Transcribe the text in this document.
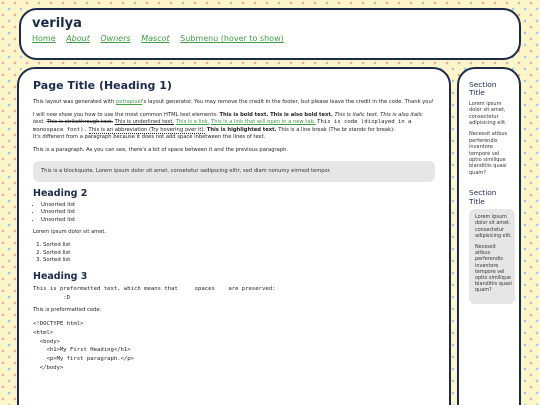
verilya
Home About Owners Mascot Submenu (hover to show)
Page Title (Heading 1)

This layout was generated with petrapixel's layout generator. You may remove the credit in the footer, but please leave the credit in the code. Thank you!

I will now show you how to use the most common HTML text elements: This is bold text. This is also bold text. This is italic text. This is also italic text. This is strikethrough text. This is underlined text. This is a link. This is a link that will open in a new tab. This is code (displayed in a monospace font). This is an abbreviation (Try hovering over it). This is highlighted text. This is a line break (The br stands for break):
It's different from a paragraph because it does not add space inbetween the lines of text.

This is a paragraph. As you can see, there's a bit of space between it and the previous paragraph.

This is a blockquote. Lorem ipsum dolor sit amet, consetetur sadipscing elitr, sed diam nonumy eirmod tempor.
Heading 2
• Unsorted list
• Unsorted list
• Unsorted list

Lorem ipsum dolor sit amet.

1. Sorted list
2. Sorted list
3. Sorted list
Heading 3
This is preformatted text, which means that     spaces    are preserved:
:D

This is preformatted code:

<!DOCTYPE html>
<html>
<body>
<h1>My First Heading</h1>
<p>My first paragraph.</p>
</body>
Section Title

Lorem ipsum dolor sit amet, consectetur adipisicing elit.

Necessit atibus perferendis inventore tempore vel optio similique blanditiis quasi quam?

Section Title

Lorem ipsum dolor sit amet, consectetur adipisicing elit.

Necessit atibus perferendis inventore tempore vel optio similique blanditiis quasi quam?
